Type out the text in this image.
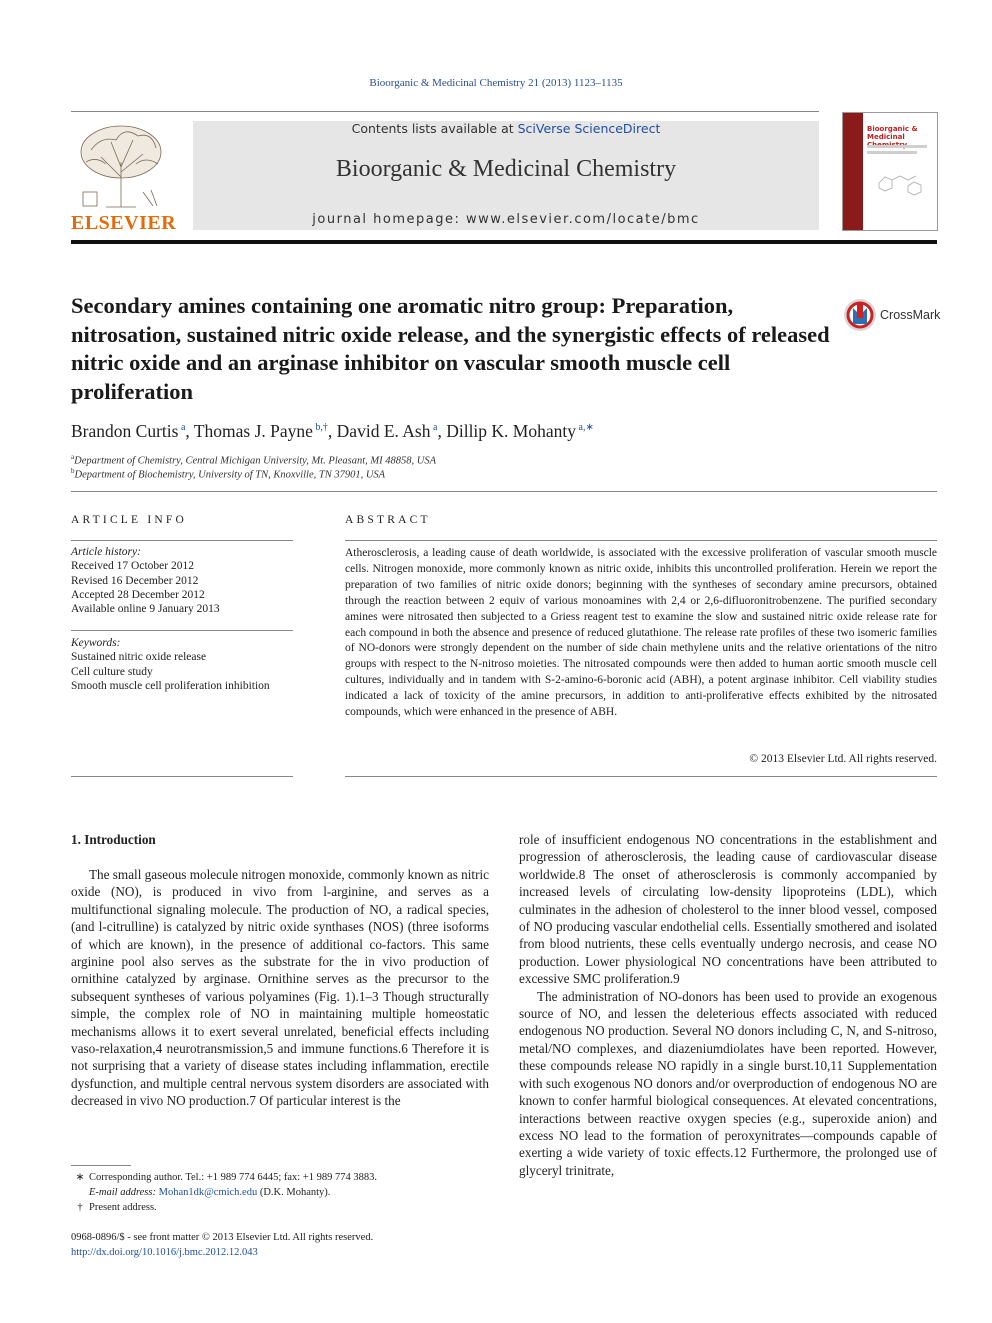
Bioorganic & Medicinal Chemistry 21 (2013) 1123–1135
ELSEVIER
Contents lists available at SciVerse ScienceDirect
Bioorganic & Medicinal Chemistry
journal homepage: www.elsevier.com/locate/bmc
Bioorganic & Medicinal
Secondary amines containing one aromatic nitro group: Preparation, nitrosation, sustained nitric oxide release, and the synergistic effects of released nitric oxide and an arginase inhibitor on vascular smooth muscle cell proliferation
CrossMark
Brandon Curtis $^a$, Thomas J. Payne $^{b,\dagger}$, David E. Ash $^a$, Dillip K. Mohanty $^{a,∗}$
$^a$Department of Chemistry, Central Michigan University, Mt. Pleasant, MI 48858, USA
$^b$Department of Biochemistry, University of TN, Knoxville, TN 37901, USA
ARTICLE INFO
Article history:
Received 17 October 2012
Revised 16 December 2012
Accepted 28 December 2012
Available online 9 January 2013
Keywords:
Sustained nitric oxide release
Cell culture study
Smooth muscle cell proliferation inhibition
ABSTRACT
Atherosclerosis, a leading cause of death worldwide, is associated with the excessive proliferation of vascular smooth muscle cells. Nitrogen monoxide, more commonly known as nitric oxide, inhibits this uncontrolled proliferation. Herein we report the preparation of two families of nitric oxide donors; beginning with the syntheses of secondary amine precursors, obtained through the reaction between 2 equiv of various monoamines with 2,4 or 2,6-difluoronitrobenzene. The purified secondary amines were nitrosated then subjected to a Griess reagent test to examine the slow and sustained nitric oxide release rate for each compound in both the absence and presence of reduced glutathione. The release rate profiles of these two isomeric families of NO-donors were strongly dependent on the number of side chain methylene units and the relative orientations of the nitro groups with respect to the N-nitroso moieties. The nitrosated compounds were then added to human aortic smooth muscle cell cultures, individually and in tandem with S-2-amino-6-boronic acid (ABH), a potent arginase inhibitor. Cell viability studies indicated a lack of toxicity of the amine precursors, in addition to anti-proliferative effects exhibited by the nitrosated compounds, which were enhanced in the presence of ABH.
© 2013 Elsevier Ltd. All rights reserved.
1. Introduction

The small gaseous molecule nitrogen monoxide, commonly known as nitric oxide (NO), is produced in vivo from l-arginine, and serves as a multifunctional signaling molecule. The production of NO, a radical species, (and l-citrulline) is catalyzed by nitric oxide synthases (NOS) (three isoforms of which are known), in the presence of additional co-factors. This same arginine pool also serves as the substrate for the in vivo production of ornithine catalyzed by arginase. Ornithine serves as the precursor to the subsequent syntheses of various polyamines (Fig. 1).1–3 Though structurally simple, the complex role of NO in maintaining multiple homeostatic mechanisms allows it to exert several unrelated, beneficial effects including vaso-relaxation,4 neurotransmission,5 and immune functions.6 Therefore it is not surprising that a variety of disease states including inflammation, erectile dysfunction, and multiple central nervous system disorders are associated with decreased in vivo NO production.7 Of particular interest is the

role of insufficient endogenous NO concentrations in the establishment and progression of atherosclerosis, the leading cause of cardiovascular disease worldwide.8 The onset of atherosclerosis is commonly accompanied by increased levels of circulating low-density lipoproteins (LDL), which culminates in the adhesion of cholesterol to the inner blood vessel, composed of NO producing vascular endothelial cells. Essentially smothered and isolated from blood nutrients, these cells eventually undergo necrosis, and cease NO production. Lower physiological NO concentrations have been attributed to excessive SMC proliferation.9

The administration of NO-donors has been used to provide an exogenous source of NO, and lessen the deleterious effects associated with reduced endogenous NO production. Several NO donors including C, N, and S-nitroso, metal/NO complexes, and diazeniumdiolates have been reported. However, these compounds release NO rapidly in a single burst.10,11 Supplementation with such exogenous NO donors and/or overproduction of endogenous NO are known to confer harmful biological consequences. At elevated concentrations, interactions between reactive oxygen species (e.g., superoxide anion) and excess NO lead to the formation of peroxynitrates—compounds capable of exerting a wide variety of toxic effects.12 Furthermore, the prolonged use of glyceryl trinitrate,

∗ Corresponding author. Tel.: +1 989 774 6445; fax: +1 989 774 3883.
E-mail address: Mohan1dk@cmich.edu (D.K. Mohanty).
† Present address.
0968-0896/$ - see front matter © 2013 Elsevier Ltd. All rights reserved.
http://dx.doi.org/10.1016/j.bmc.2012.12.043
